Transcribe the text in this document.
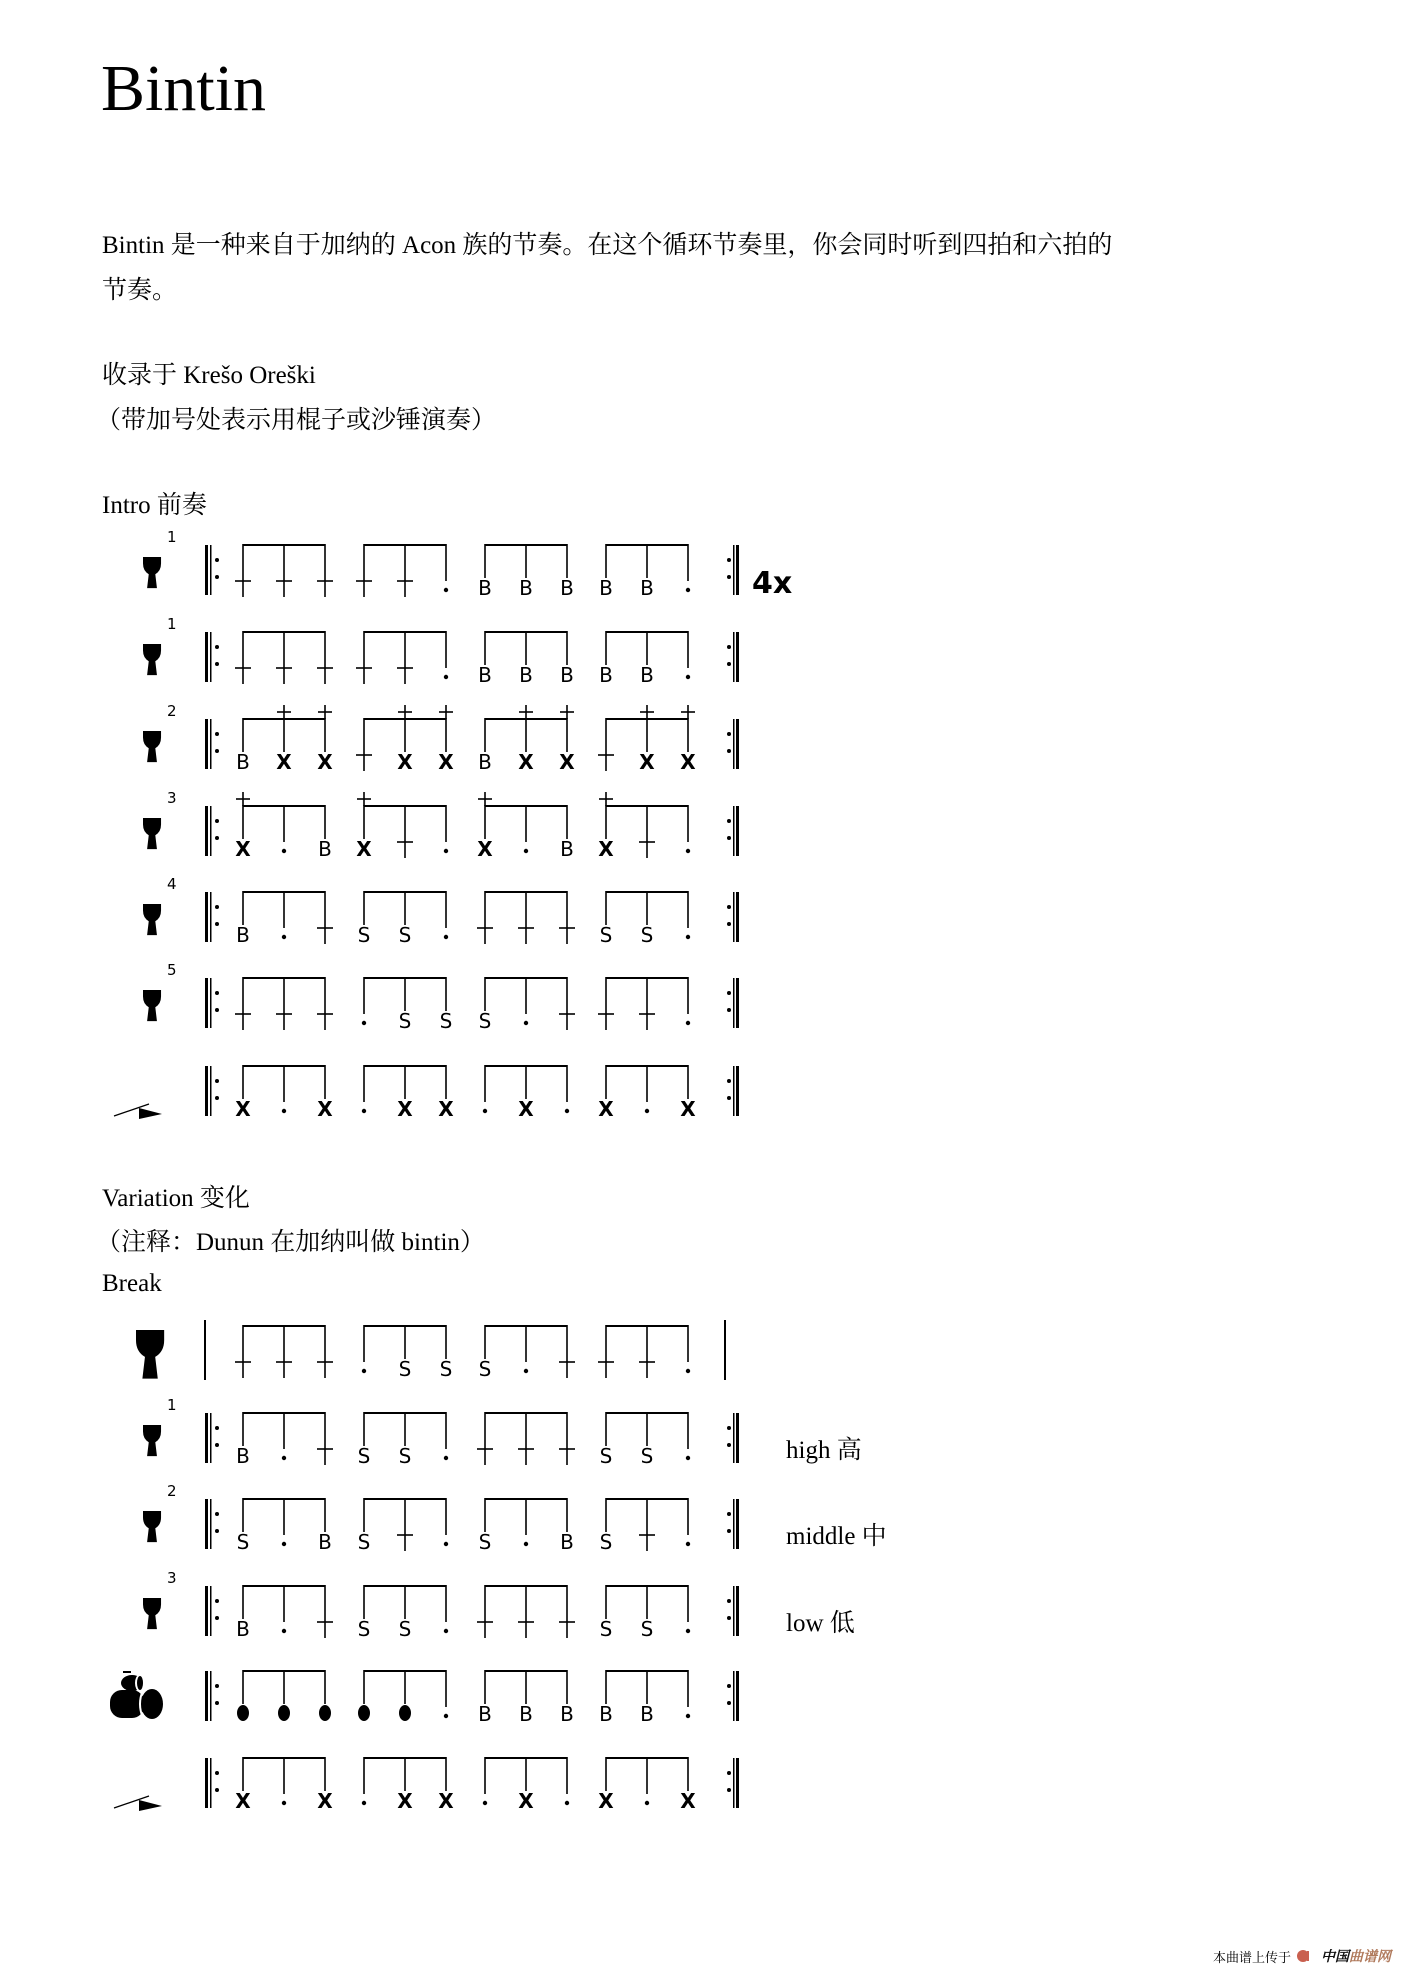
Bintin
Bintin 是一种来自于加纳的 Acon 族的节奏。在这个循环节奏里，你会同时听到四拍和六拍的
节奏。
收录于 Krešo Oreški
（带加号处表示用棍子或沙锤演奏）
Intro 前奏
Variation 变化
（注释：Dunun 在加纳叫做 bintin）
Break
high 高
middle 中
low 低
4x
1
B B B B B
1
B B B B B
2
B X X	X X B X X	X X
3
X	B X	X	B X
4
B	S S	S S
5
S S S
X	X	X X	X	X	X
S S S
1
B	S S	S S
2
S	B S	S	B S
3
B	S S	S S
B B B B B
X	X	X X	X	X	X
本曲谱上传于 中国 曲谱网
